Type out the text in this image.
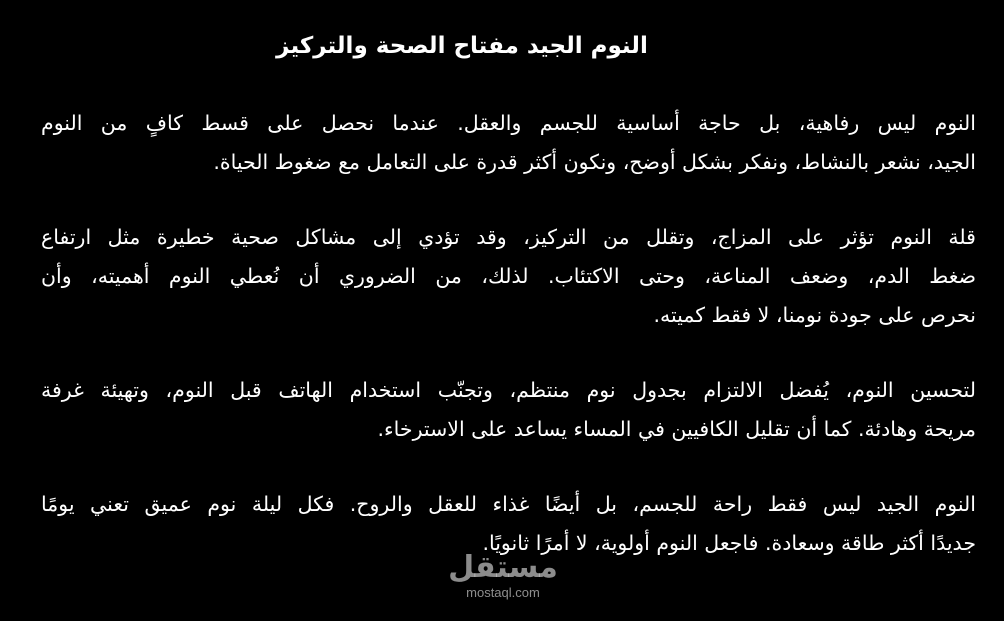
النوم الجيد مفتاح الصحة والتركيز

النوم ليس رفاهية، بل حاجة أساسية للجسم والعقل. عندما نحصل على قسط كافٍ من النوم
الجيد، نشعر بالنشاط، ونفكر بشكل أوضح، ونكون أكثر قدرة على التعامل مع ضغوط الحياة.

قلة النوم تؤثر على المزاج، وتقلل من التركيز، وقد تؤدي إلى مشاكل صحية خطيرة مثل ارتفاع
ضغط الدم، وضعف المناعة، وحتى الاكتئاب. لذلك، من الضروري أن نُعطي النوم أهميته، وأن
نحرص على جودة نومنا، لا فقط كميته.

لتحسين النوم، يُفضل الالتزام بجدول نوم منتظم، وتجنّب استخدام الهاتف قبل النوم، وتهيئة غرفة
مريحة وهادئة. كما أن تقليل الكافيين في المساء يساعد على الاسترخاء.

النوم الجيد ليس فقط راحة للجسم، بل أيضًا غذاء للعقل والروح. فكل ليلة نوم عميق تعني يومًا
جديدًا أكثر طاقة وسعادة. فاجعل النوم أولوية، لا أمرًا ثانويًا.

مستقل
mostaql.com
